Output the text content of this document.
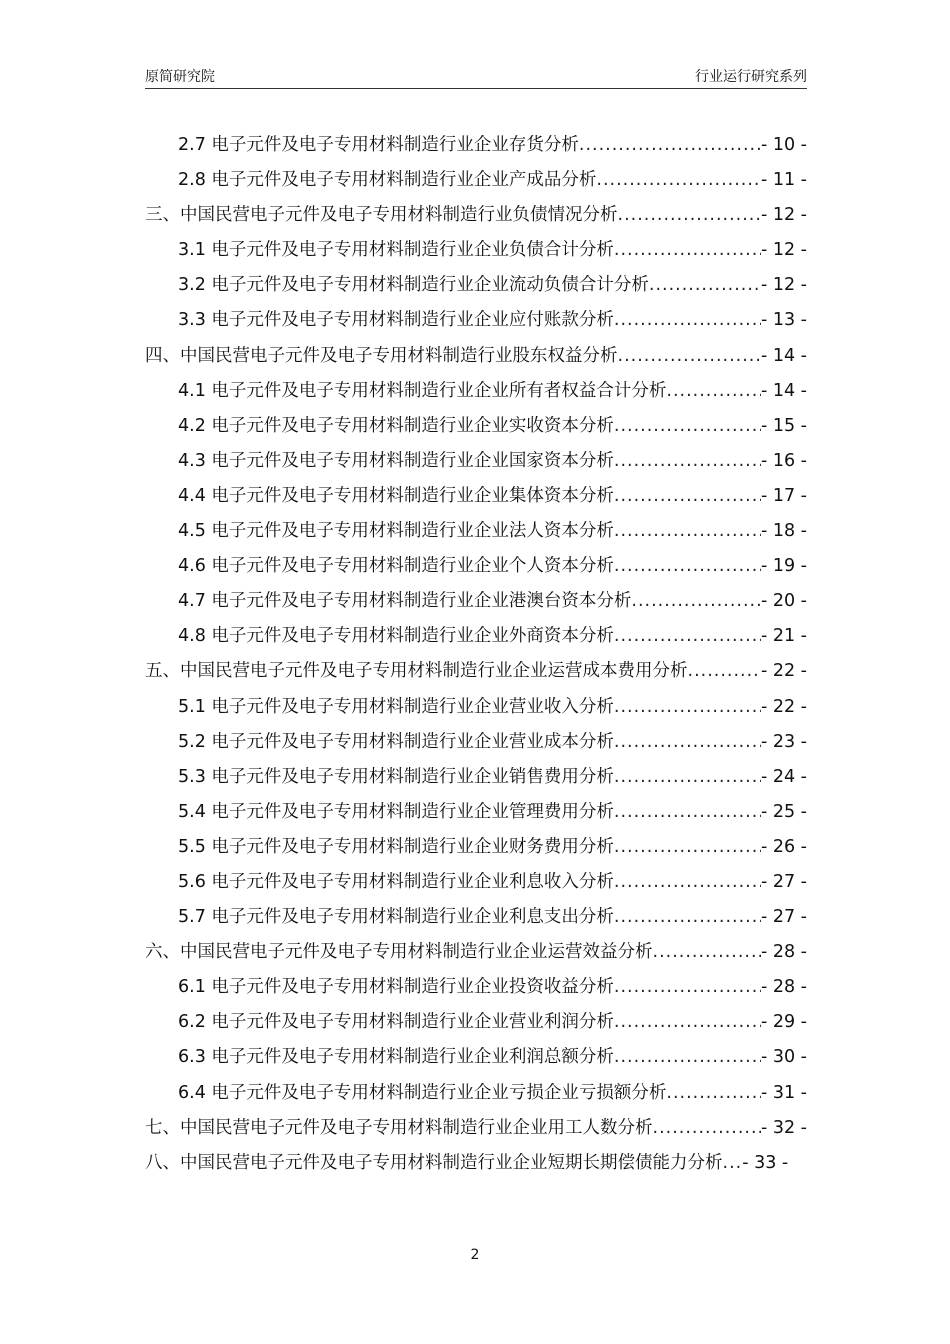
原简研究院	行业运行研究系列
2.7 电子元件及电子专用材料制造行业企业存货分析 .....	- 10 -
2.8 电子元件及电子专用材料制造行业企业产成品分析 .....	- 11 -
三、中国民营电子元件及电子专用材料制造行业负债情况分析 .....	- 12 -
3.1 电子元件及电子专用材料制造行业企业负债合计分析 .....	- 12 -
3.2 电子元件及电子专用材料制造行业企业流动负债合计分析 .....	- 12 -
3.3 电子元件及电子专用材料制造行业企业应付账款分析 .....	- 13 -
四、中国民营电子元件及电子专用材料制造行业股东权益分析 .....	- 14 -
4.1 电子元件及电子专用材料制造行业企业所有者权益合计分析 .....	- 14 -
4.2 电子元件及电子专用材料制造行业企业实收资本分析 .....	- 15 -
4.3 电子元件及电子专用材料制造行业企业国家资本分析 .....	- 16 -
4.4 电子元件及电子专用材料制造行业企业集体资本分析 .....	- 17 -
4.5 电子元件及电子专用材料制造行业企业法人资本分析 .....	- 18 -
4.6 电子元件及电子专用材料制造行业企业个人资本分析 .....	- 19 -
4.7 电子元件及电子专用材料制造行业企业港澳台资本分析 .....	- 20 -
4.8 电子元件及电子专用材料制造行业企业外商资本分析 .....	- 21 -
五、中国民营电子元件及电子专用材料制造行业企业运营成本费用分析 .....	- 22 -
5.1 电子元件及电子专用材料制造行业企业营业收入分析 .....	- 22 -
5.2 电子元件及电子专用材料制造行业企业营业成本分析 .....	- 23 -
5.3 电子元件及电子专用材料制造行业企业销售费用分析 .....	- 24 -
5.4 电子元件及电子专用材料制造行业企业管理费用分析 .....	- 25 -
5.5 电子元件及电子专用材料制造行业企业财务费用分析 .....	- 26 -
5.6 电子元件及电子专用材料制造行业企业利息收入分析 .....	- 27 -
5.7 电子元件及电子专用材料制造行业企业利息支出分析 .....	- 27 -
六、中国民营电子元件及电子专用材料制造行业企业运营效益分析 .....	- 28 -
6.1 电子元件及电子专用材料制造行业企业投资收益分析 .....	- 28 -
6.2 电子元件及电子专用材料制造行业企业营业利润分析 .....	- 29 -
6.3 电子元件及电子专用材料制造行业企业利润总额分析 .....	- 30 -
6.4 电子元件及电子专用材料制造行业企业亏损企业亏损额分析 .....	- 31 -
七、中国民营电子元件及电子专用材料制造行业企业用工人数分析 .....	- 32 -
八、中国民营电子元件及电子专用材料制造行业企业短期长期偿债能力分析...- 33 -
2
